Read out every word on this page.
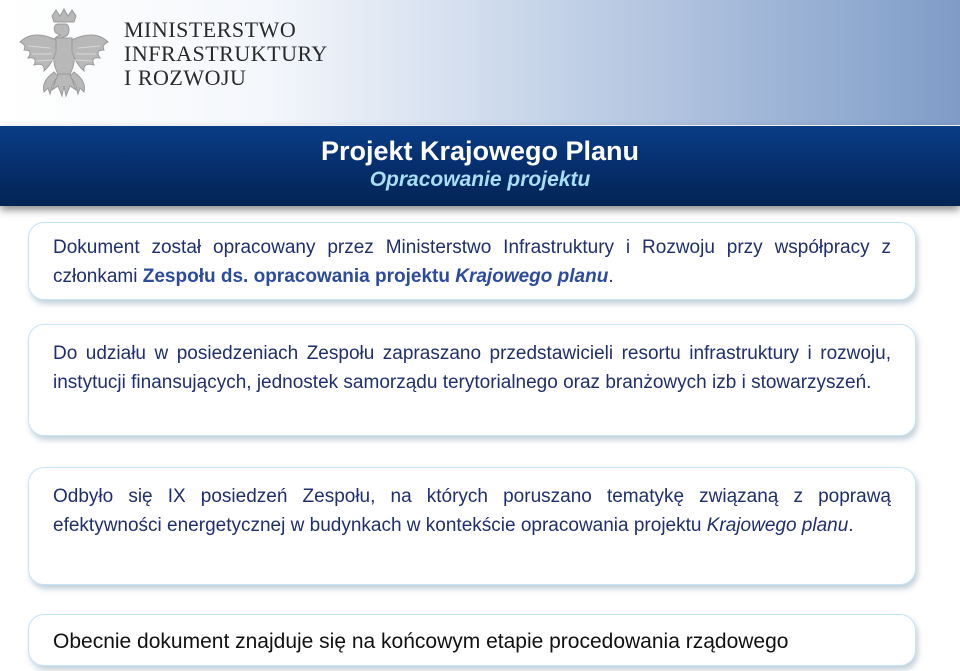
MINISTERSTWO
INFRASTRUKTURY
I ROZWOJU
Projekt Krajowego Planu
Opracowanie projektu

Dokument został opracowany przez Ministerstwo Infrastruktury i Rozwoju przy współpracy z członkami Zespołu ds. opracowania projektu Krajowego planu.

Do udziału w posiedzeniach Zespołu zapraszano przedstawicieli resortu infrastruktury i rozwoju, instytucji finansujących, jednostek samorządu terytorialnego oraz branżowych izb i stowarzyszeń.

Odbyło się IX posiedzeń Zespołu, na których poruszano tematykę związaną z poprawą efektywności energetycznej w budynkach w kontekście opracowania projektu Krajowego planu.

Obecnie dokument znajduje się na końcowym etapie procedowania rządowego
